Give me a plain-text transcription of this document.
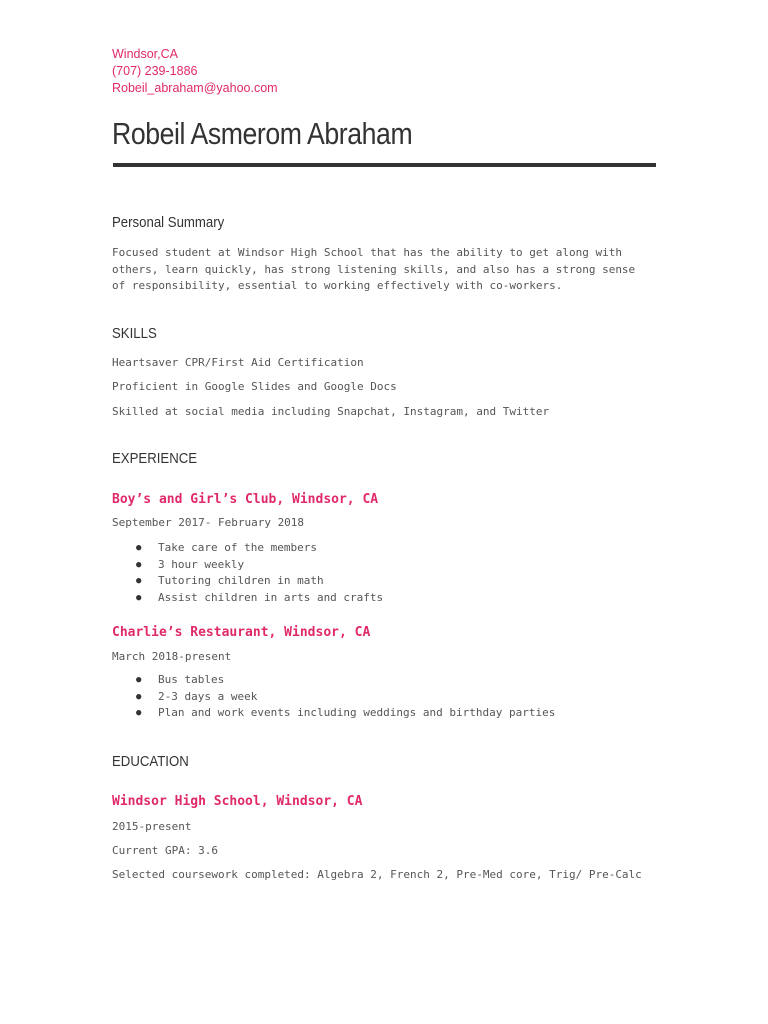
Windsor,CA
(707) 239-1886
Robeil_abraham@yahoo.com
Robeil Asmerom Abraham
Personal Summary
Focused student at Windsor High School that has the ability to get along with
others, learn quickly, has strong listening skills, and also has a strong sense
of responsibility, essential to working effectively with co-workers.
SKILLS
Heartsaver CPR/First Aid Certification
Proficient in Google Slides and Google Docs
Skilled at social media including Snapchat, Instagram, and Twitter
EXPERIENCE
Boy’s and Girl’s Club, Windsor, CA
September 2017- February 2018
● Take care of the members
● 3 hour weekly
● Tutoring children in math
● Assist children in arts and crafts
Charlie’s Restaurant, Windsor, CA
March 2018-present
● Bus tables
● 2-3 days a week
● Plan and work events including weddings and birthday parties
EDUCATION
Windsor High School, Windsor, CA
2015-present
Current GPA: 3.6
Selected coursework completed: Algebra 2, French 2, Pre-Med core, Trig/ Pre-Calc
